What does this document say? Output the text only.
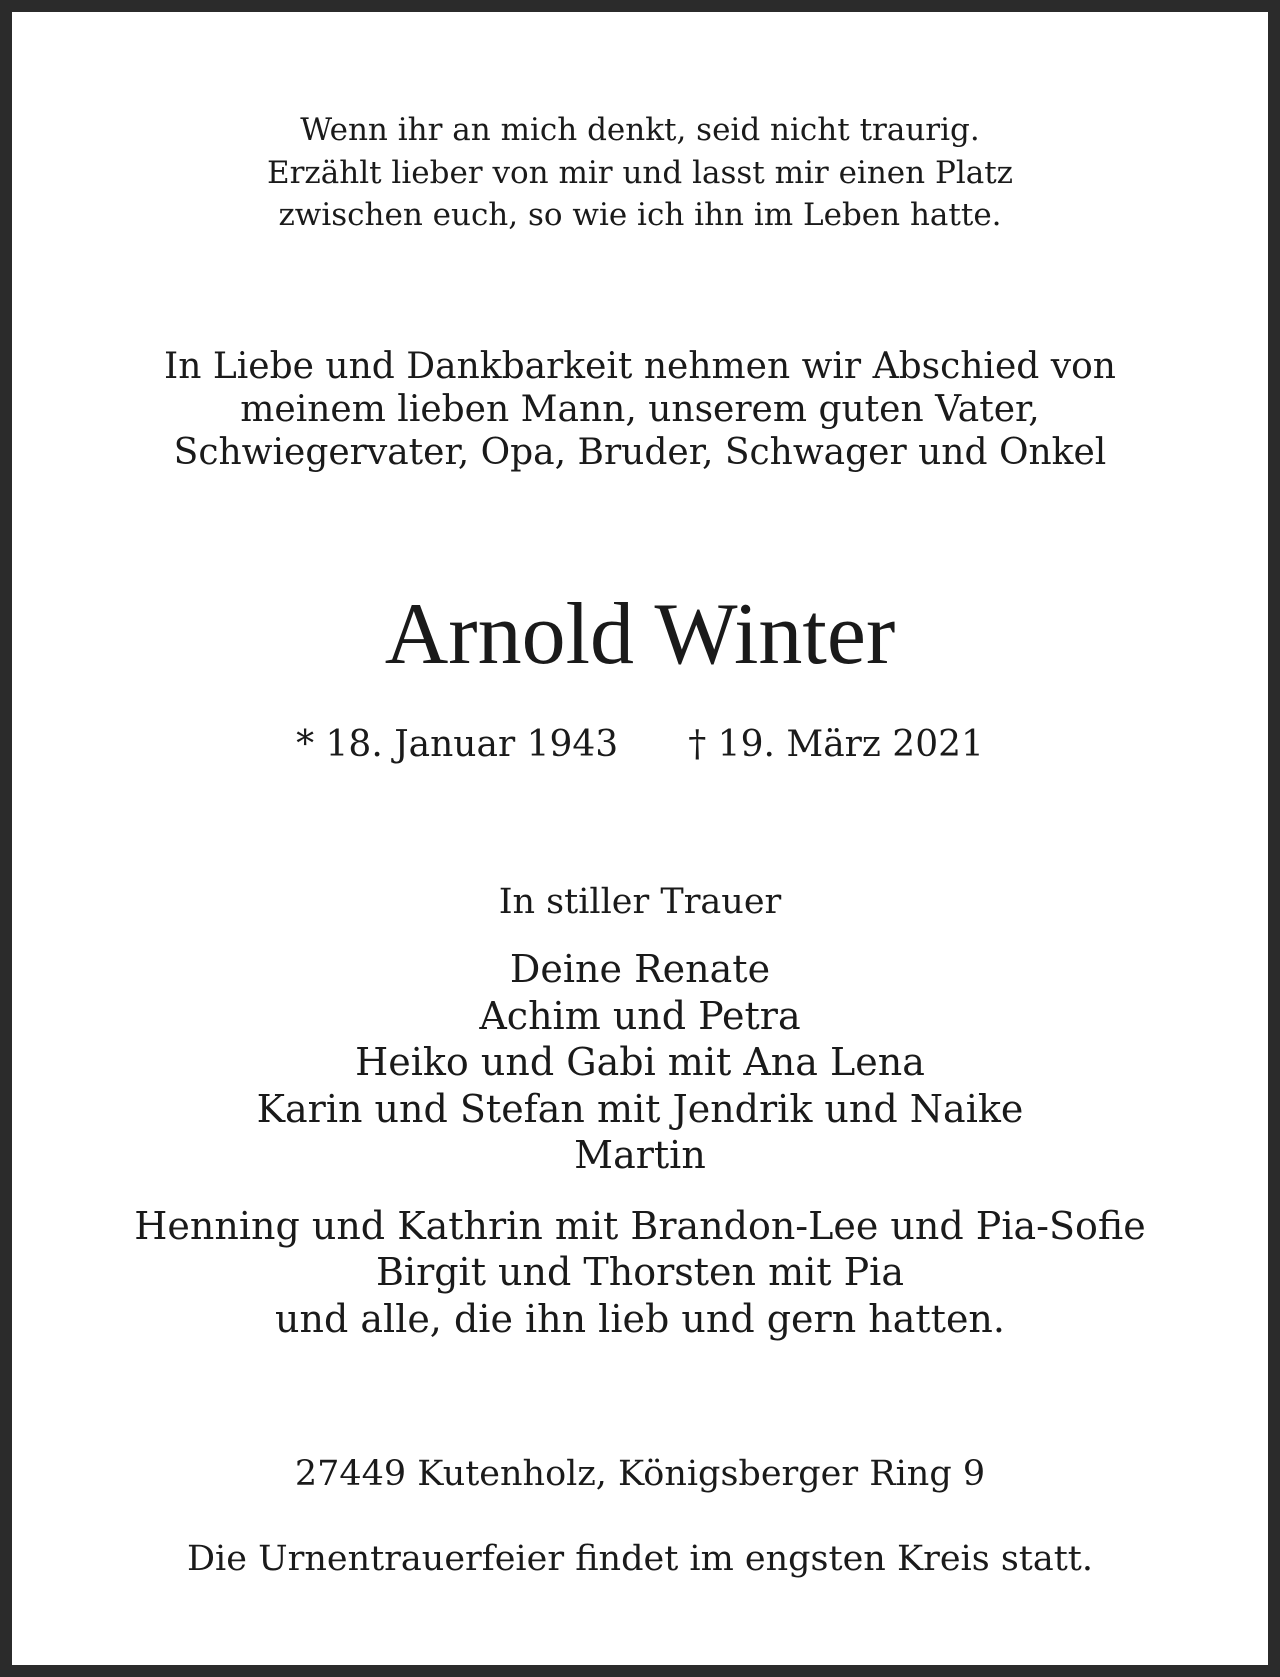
Wenn ihr an mich denkt, seid nicht traurig.
Erzählt lieber von mir und lasst mir einen Platz
zwischen euch, so wie ich ihn im Leben hatte.
In Liebe und Dankbarkeit nehmen wir Abschied von
meinem lieben Mann, unserem guten Vater,
Schwiegervater, Opa, Bruder, Schwager und Onkel
Arnold Winter
* 18. Januar 1943 † 19. März 2021
In stiller Trauer
Deine Renate
Achim und Petra
Heiko und Gabi mit Ana Lena
Karin und Stefan mit Jendrik und Naike
Martin
Henning und Kathrin mit Brandon-Lee und Pia-Sofie
Birgit und Thorsten mit Pia
und alle, die ihn lieb und gern hatten.
27449 Kutenholz, Königsberger Ring 9
Die Urnentrauerfeier findet im engsten Kreis statt.
